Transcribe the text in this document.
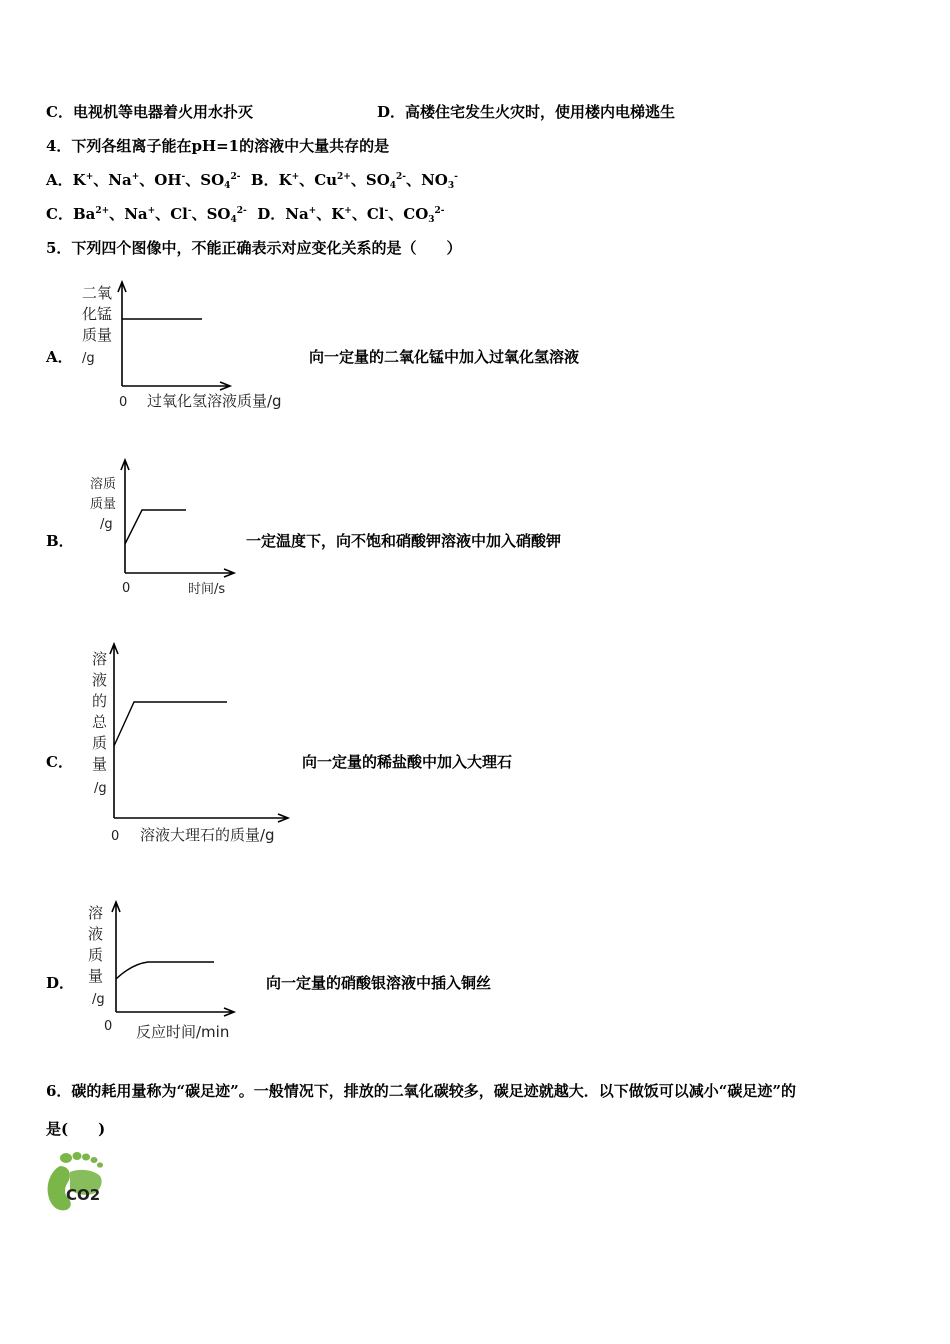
C．电视机等电器着火用水扑灭	D．高楼住宅发生火灾时，使用楼内电梯逃生
4．下列各组离子能在pH=1的溶液中大量共存的是
A．K+、Na+、OH-、$SO_4^{2-}$ B．K+、$Cu^{2+}$、$SO_4^{2-}$、$NO_3^-$
C．$Ba^{2+}$、Na+、Cl-、$SO_4^{2-}$ D．Na+、K+、Cl-、$CO_3^{2-}$
5．下列四个图像中，不能正确表示对应变化关系的是（　　）
A．
二氧
化锰
质量
/g
0 过氧化氢溶液质量/g
向一定量的二氧化锰中加入过氧化氢溶液
B．
溶质
质量
/g
0	时间/s
一定温度下，向不饱和硝酸钾溶液中加入硝酸钾
C．
溶
液
的
总
质
量
/g
0 溶液大理石的质量/g
向一定量的稀盐酸中加入大理石
D．
溶
液
质
量
/g
0 反应时间/min
向一定量的硝酸银溶液中插入铜丝
6．碳的耗用量称为“碳足迹”。一般情况下，排放的二氧化碳较多，碳足迹就越大．以下做饭可以减小“碳足迹”的
是(　　)
CO2
